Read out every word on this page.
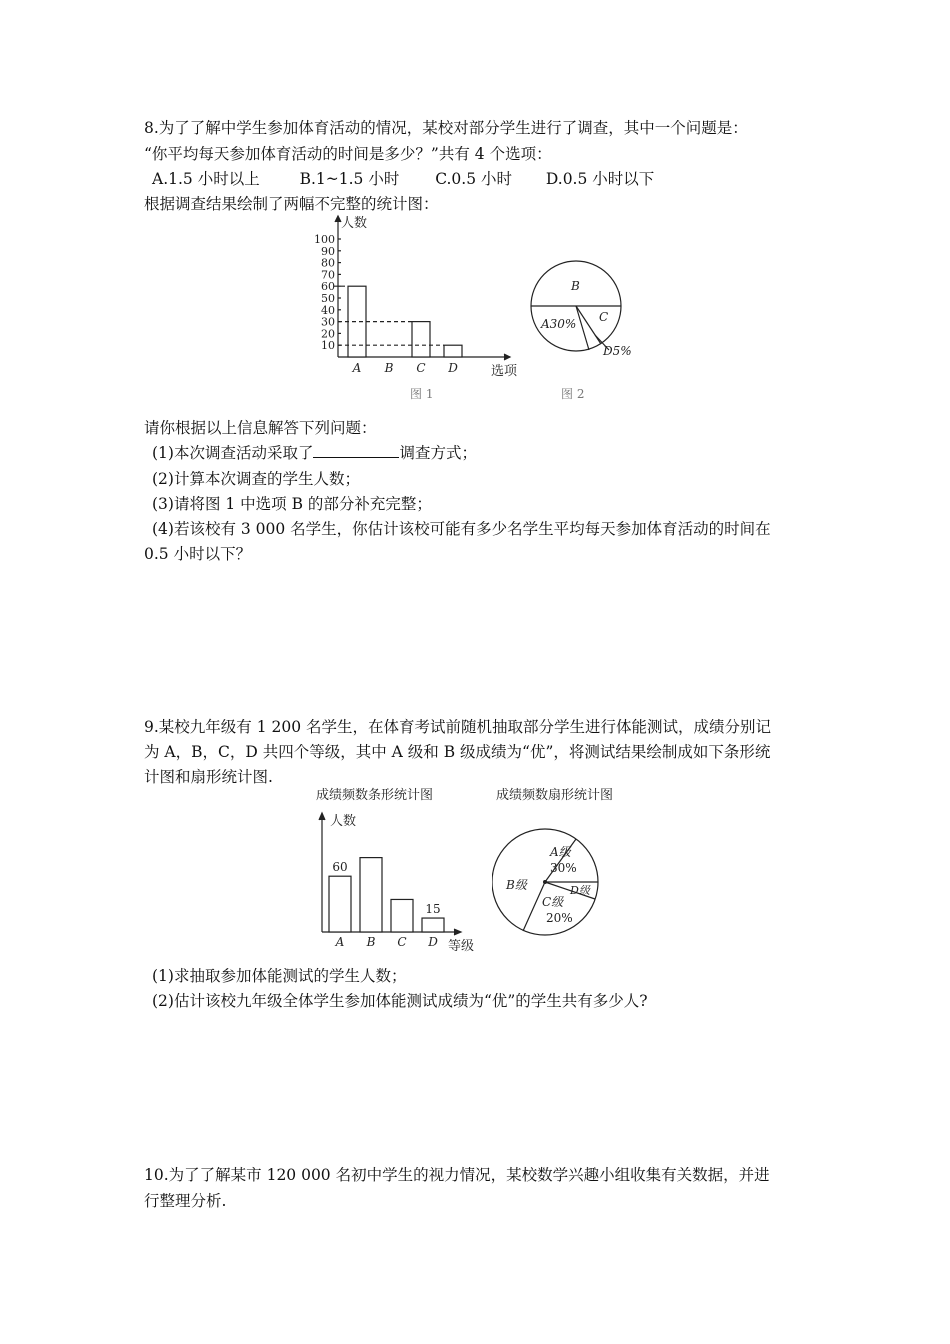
8.为了了解中学生参加体育活动的情况，某校对部分学生进行了调查，其中一个问题是：
“你平均每天参加体育活动的时间是多少？”共有 4 个选项：
A.1.5 小时以上	B.1~1.5 小时 C.0.5 小时 D.0.5 小时以下
根据调查结果绘制了两幅不完整的统计图：
人数
选项
图 1
10
20
30
40
50
60
70
80
90
100
A B C D
B
A30% C
D5%
图 2
请你根据以上信息解答下列问题：
(1)本次调查活动采取了	调查方式；
(2)计算本次调查的学生人数；
(3)请将图 1 中选项 B 的部分补充完整；
(4)若该校有 3 000 名学生，你估计该校可能有多少名学生平均每天参加体育活动的时间在
0.5 小时以下？
9.某校九年级有 1 200 名学生，在体育考试前随机抽取部分学生进行体能测试，成绩分别记
为 A，B，C，D 共四个等级，其中 A 级和 B 级成绩为“优”，将测试结果绘制成如下条形统
计图和扇形统计图.
成绩频数条形统计图
人数
等级
60
A B C
15
D
成绩频数扇形统计图
A级
30%
B级	D级
C级
20%
(1)求抽取参加体能测试的学生人数；
(2)估计该校九年级全体学生参加体能测试成绩为“优”的学生共有多少人?
10.为了了解某市 120 000 名初中学生的视力情况，某校数学兴趣小组收集有关数据，并进
行整理分析.
